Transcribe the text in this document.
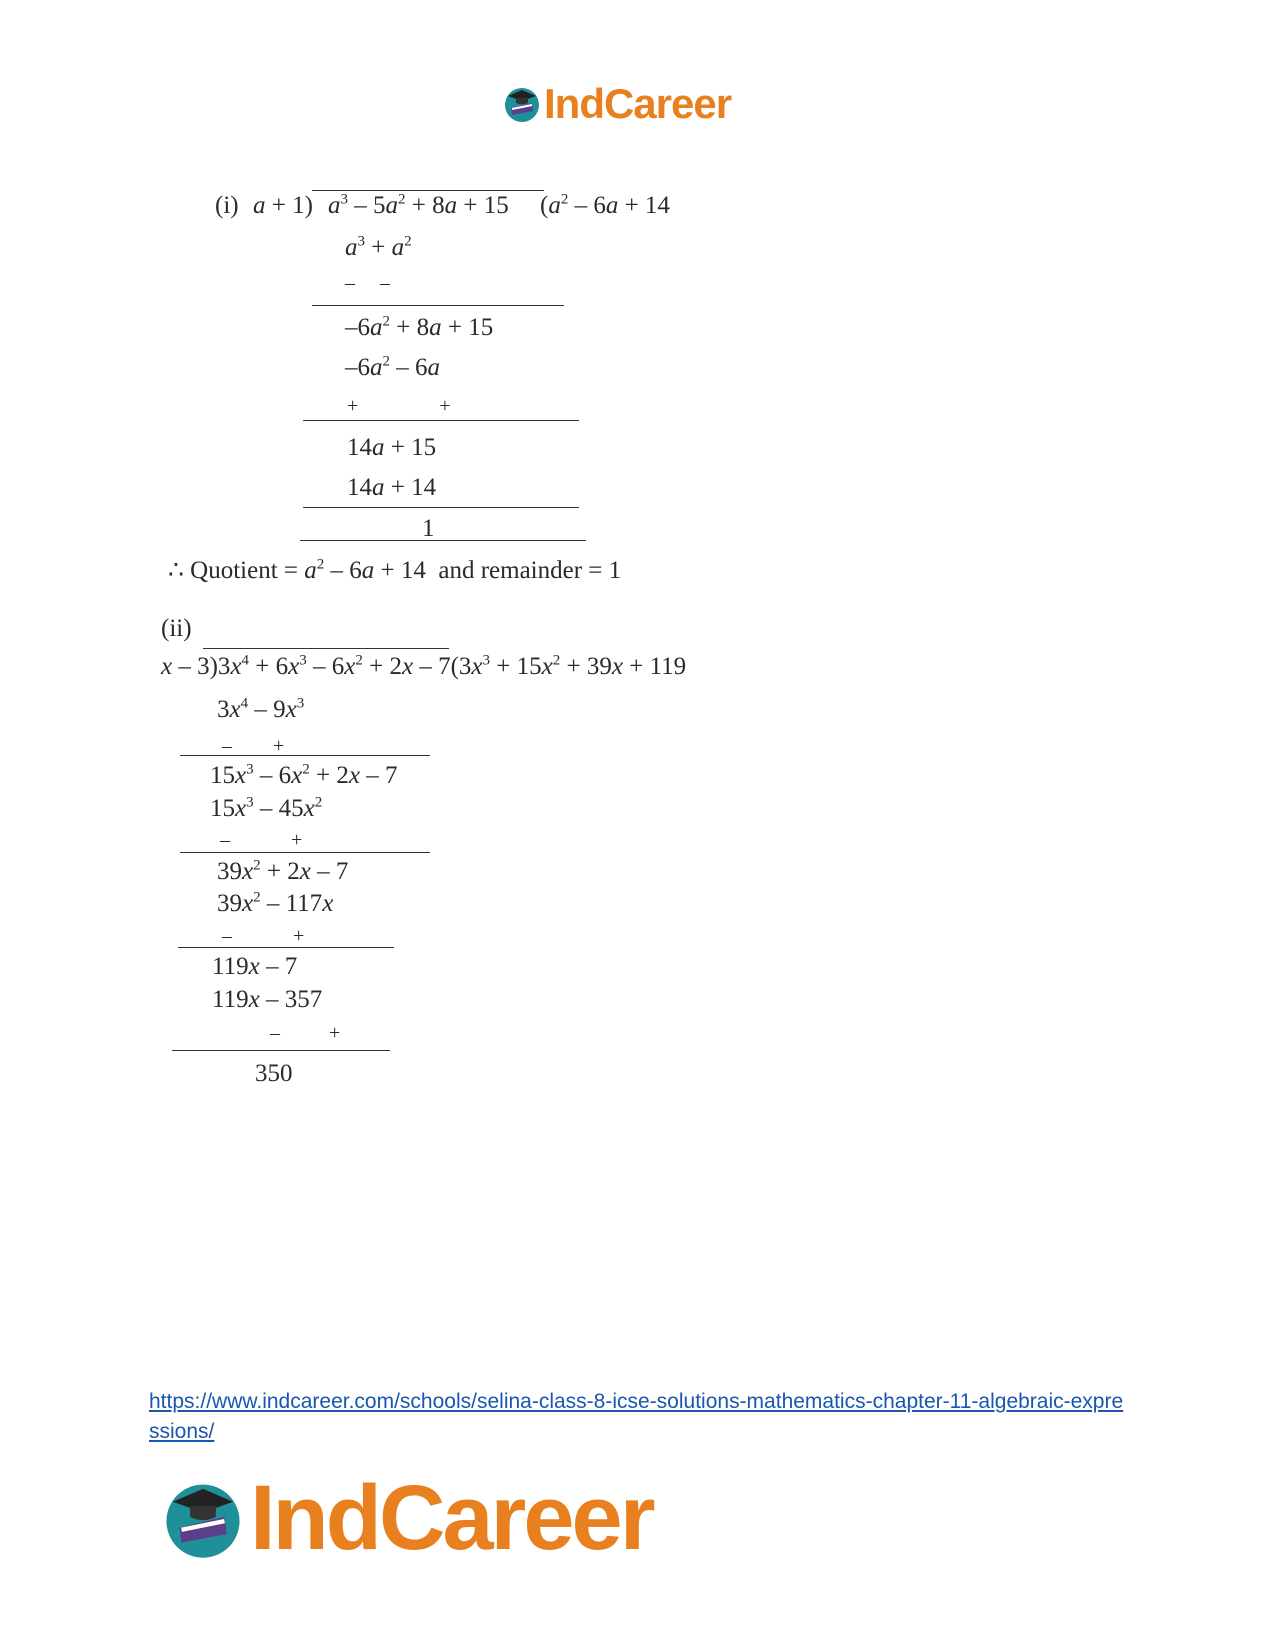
IndCareer
(i) a + 1) $a^3 - 5a^2 + 8a + 15$ ($a^2 - 6a + 14$
$a^3 + a^2$
– –
$-6a^2 + 8a + 15$
$-6a^2 - 6a$
+ +
14a + 15
14a + 14
1
∴ Quotient = $a^2 - 6a + 14$  and remainder = 1
(ii)
$x - 3)3x^4 + 6x^3 - 6x^2 + 2x - 7(3x^3 + 15x^2 + 39x + 119$
$3x^4 - 9x^3$
– +
$15x^3 - 6x^2 + 2x - 7$
$15x^3 - 45x^2$
– +
$39x^2 + 2x - 7$
$39x^2 - 117x$
– +
119x – 7
119x – 357
– +
350
https://www.indcareer.com/schools/selina-class-8-icse-solutions-mathematics-chapter-11-algebraic-expressions/
IndCareer
